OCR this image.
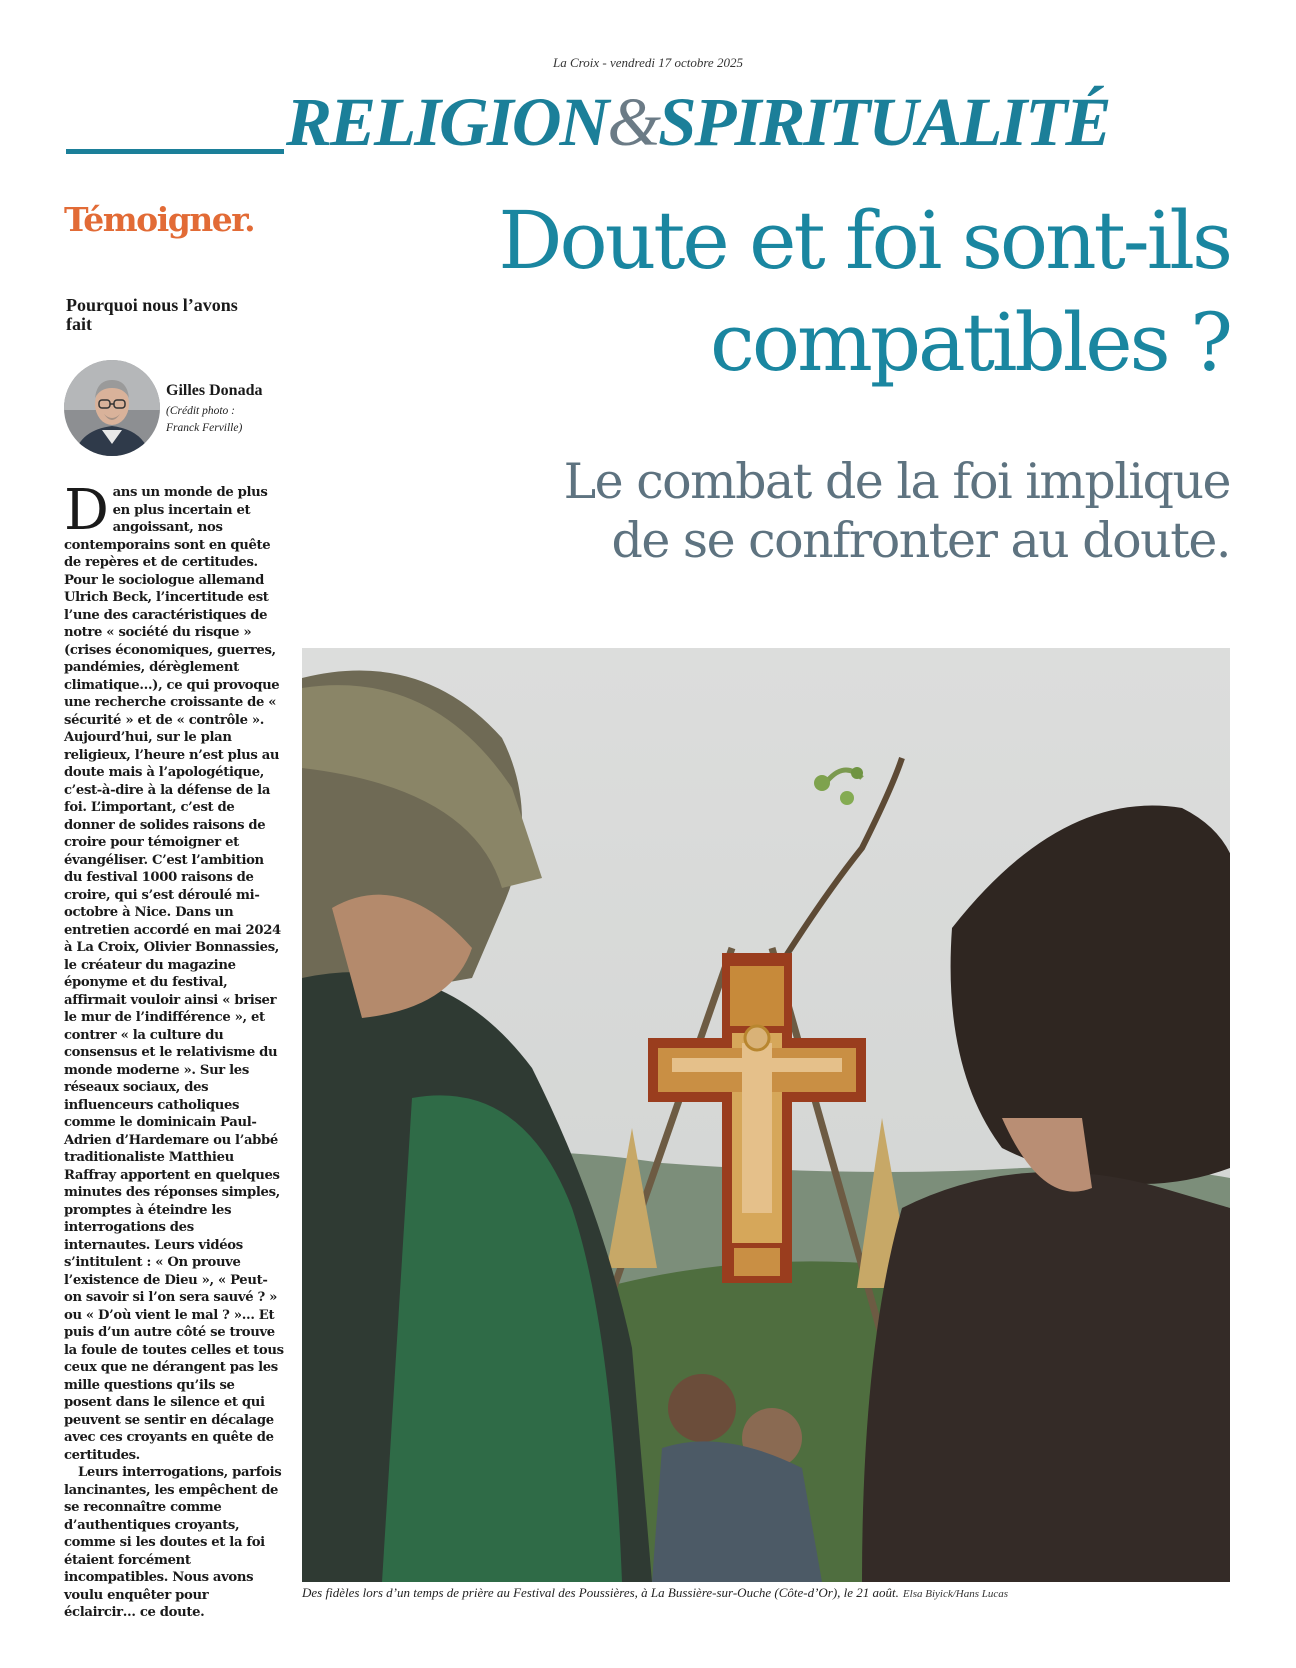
La Croix - vendredi 17 octobre 2025
RELIGION&SPIRITUALITÉ
Témoigner.
Pourquoi nous l’avons fait
Gilles Donada
(Crédit photo :
Franck Ferville)
Doute et foi sont-ils
compatibles ?
Le combat de la foi implique
de se confronter au doute.

Dans un monde de plus en plus incertain et angoissant, nos contemporains sont en quête de repères et de certitudes. Pour le sociologue allemand Ulrich Beck, l’incertitude est l’une des caractéristiques de notre « société du risque » (crises économiques, guerres, pandémies, dérèglement climatique…), ce qui provoque une recherche croissante de « sécurité » et de « contrôle ». Aujourd’hui, sur le plan religieux, l’heure n’est plus au doute mais à l’apologétique, c’est-à-dire à la défense de la foi. L’important, c’est de donner de solides raisons de croire pour témoigner et évangéliser. C’est l’ambition du festival 1000 raisons de croire, qui s’est déroulé mi-octobre à Nice. Dans un entretien accordé en mai 2024 à La Croix, Olivier Bonnassies, le créateur du magazine éponyme et du festival, affirmait vouloir ainsi « briser le mur de l’indifférence », et contrer « la culture du consensus et le relativisme du monde moderne ». Sur les réseaux sociaux, des influenceurs catholiques comme le dominicain Paul-Adrien d’Hardemare ou l’abbé traditionaliste Matthieu Raffray apportent en quelques minutes des réponses simples, promptes à éteindre les interrogations des internautes. Leurs vidéos s’intitulent : « On prouve l’existence de Dieu », « Peut-on savoir si l’on sera sauvé ? » ou « D’où vient le mal ? »… Et puis d’un autre côté se trouve la foule de toutes celles et tous ceux que ne dérangent pas les mille questions qu’ils se posent dans le silence et qui peuvent se sentir en décalage avec ces croyants en quête de certitudes.

Leurs interrogations, parfois lancinantes, les empêchent de se reconnaître comme d’authentiques croyants, comme si les doutes et la foi étaient forcément incompatibles. Nous avons voulu enquêter pour éclaircir… ce doute.

Des fidèles lors d’un temps de prière au Festival des Poussières, à La Bussière-sur-Ouche (Côte-d’Or), le 21 août. Elsa Biyick/Hans Lucas
